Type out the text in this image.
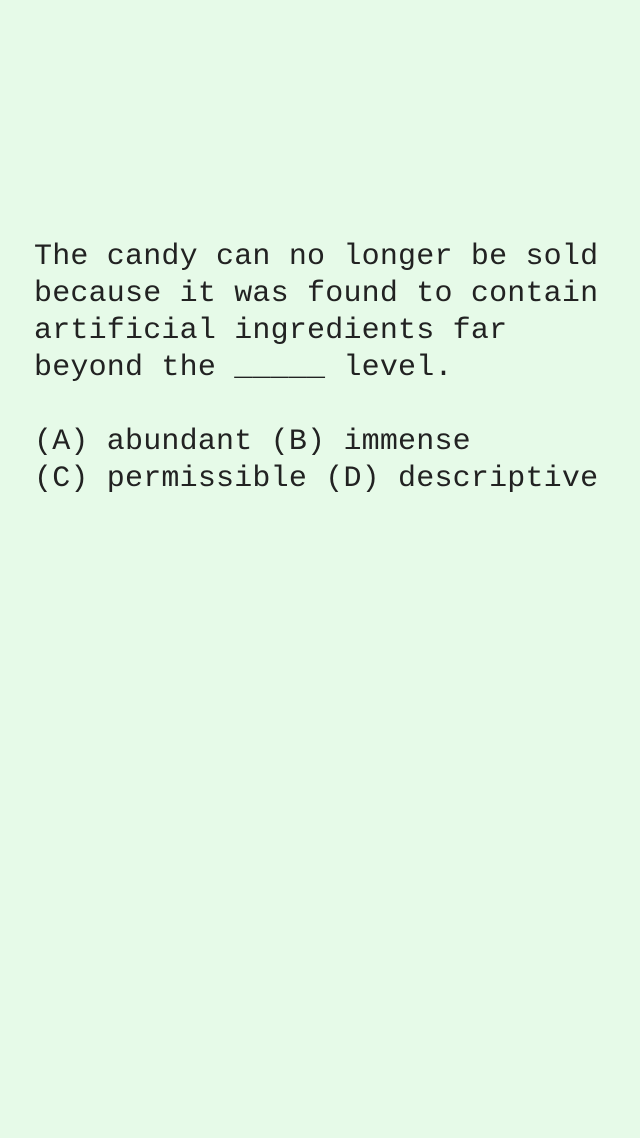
The candy can no longer be sold
because it was found to contain
artificial ingredients far
beyond the _____ level.
(A) abundant (B) immense
(C) permissible (D) descriptive
